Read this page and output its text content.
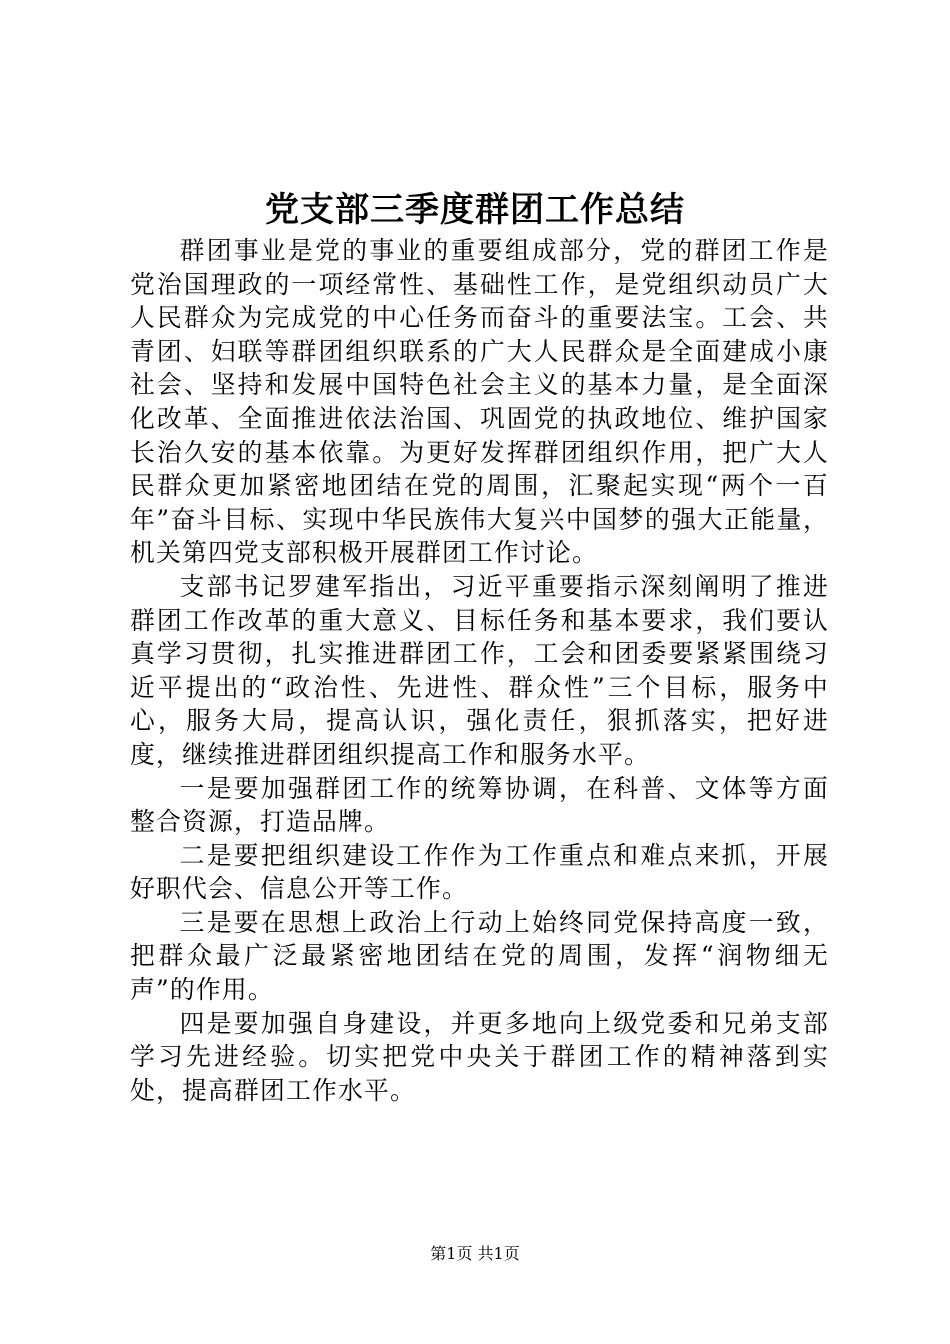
党支部三季度群团工作总结

群团事业是党的事业的重要组成部分，党的群团工作是党治国理政的一项经常性、基础性工作，是党组织动员广大人民群众为完成党的中心任务而奋斗的重要法宝。工会、共青团、妇联等群团组织联系的广大人民群众是全面建成小康社会、坚持和发展中国特色社会主义的基本力量，是全面深化改革、全面推进依法治国、巩固党的执政地位、维护国家长治久安的基本依靠。为更好发挥群团组织作用，把广大人民群众更加紧密地团结在党的周围，汇聚起实现“两个一百年”奋斗目标、实现中华民族伟大复兴中国梦的强大正能量，机关第四党支部积极开展群团工作讨论。

支部书记罗建军指出，习近平重要指示深刻阐明了推进群团工作改革的重大意义、目标任务和基本要求，我们要认真学习贯彻，扎实推进群团工作，工会和团委要紧紧围绕习近平提出的“政治性、先进性、群众性”三个目标，服务中心，服务大局，提高认识，强化责任，狠抓落实，把好进度，继续推进群团组织提高工作和服务水平。

一是要加强群团工作的统筹协调，在科普、文体等方面整合资源，打造品牌。

二是要把组织建设工作作为工作重点和难点来抓，开展好职代会、信息公开等工作。

三是要在思想上政治上行动上始终同党保持高度一致，把群众最广泛最紧密地团结在党的周围，发挥“润物细无声”的作用。

四是要加强自身建设，并更多地向上级党委和兄弟支部学习先进经验。切实把党中央关于群团工作的精神落到实处，提高群团工作水平。

第1页 共1页
